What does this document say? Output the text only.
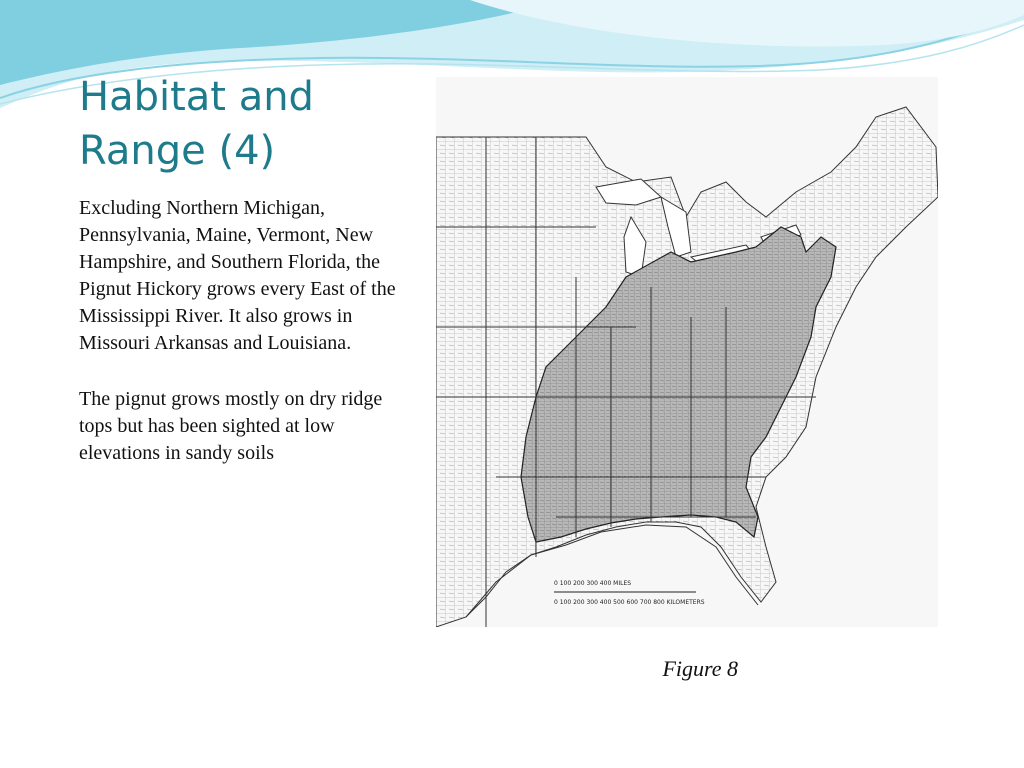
Habitat and Range (4)

Excluding Northern Michigan, Pennsylvania, Maine, Vermont, New Hampshire, and Southern Florida, the Pignut Hickory grows every East of the Mississippi River. It also grows in Missouri Arkansas and Louisiana.

The pignut grows mostly on dry ridge tops but has been sighted at low elevations in sandy soils

0 100 200 300 400 500 600 700 800 KILOMETERS
0 100 200 300 400 MILES
Figure 8
